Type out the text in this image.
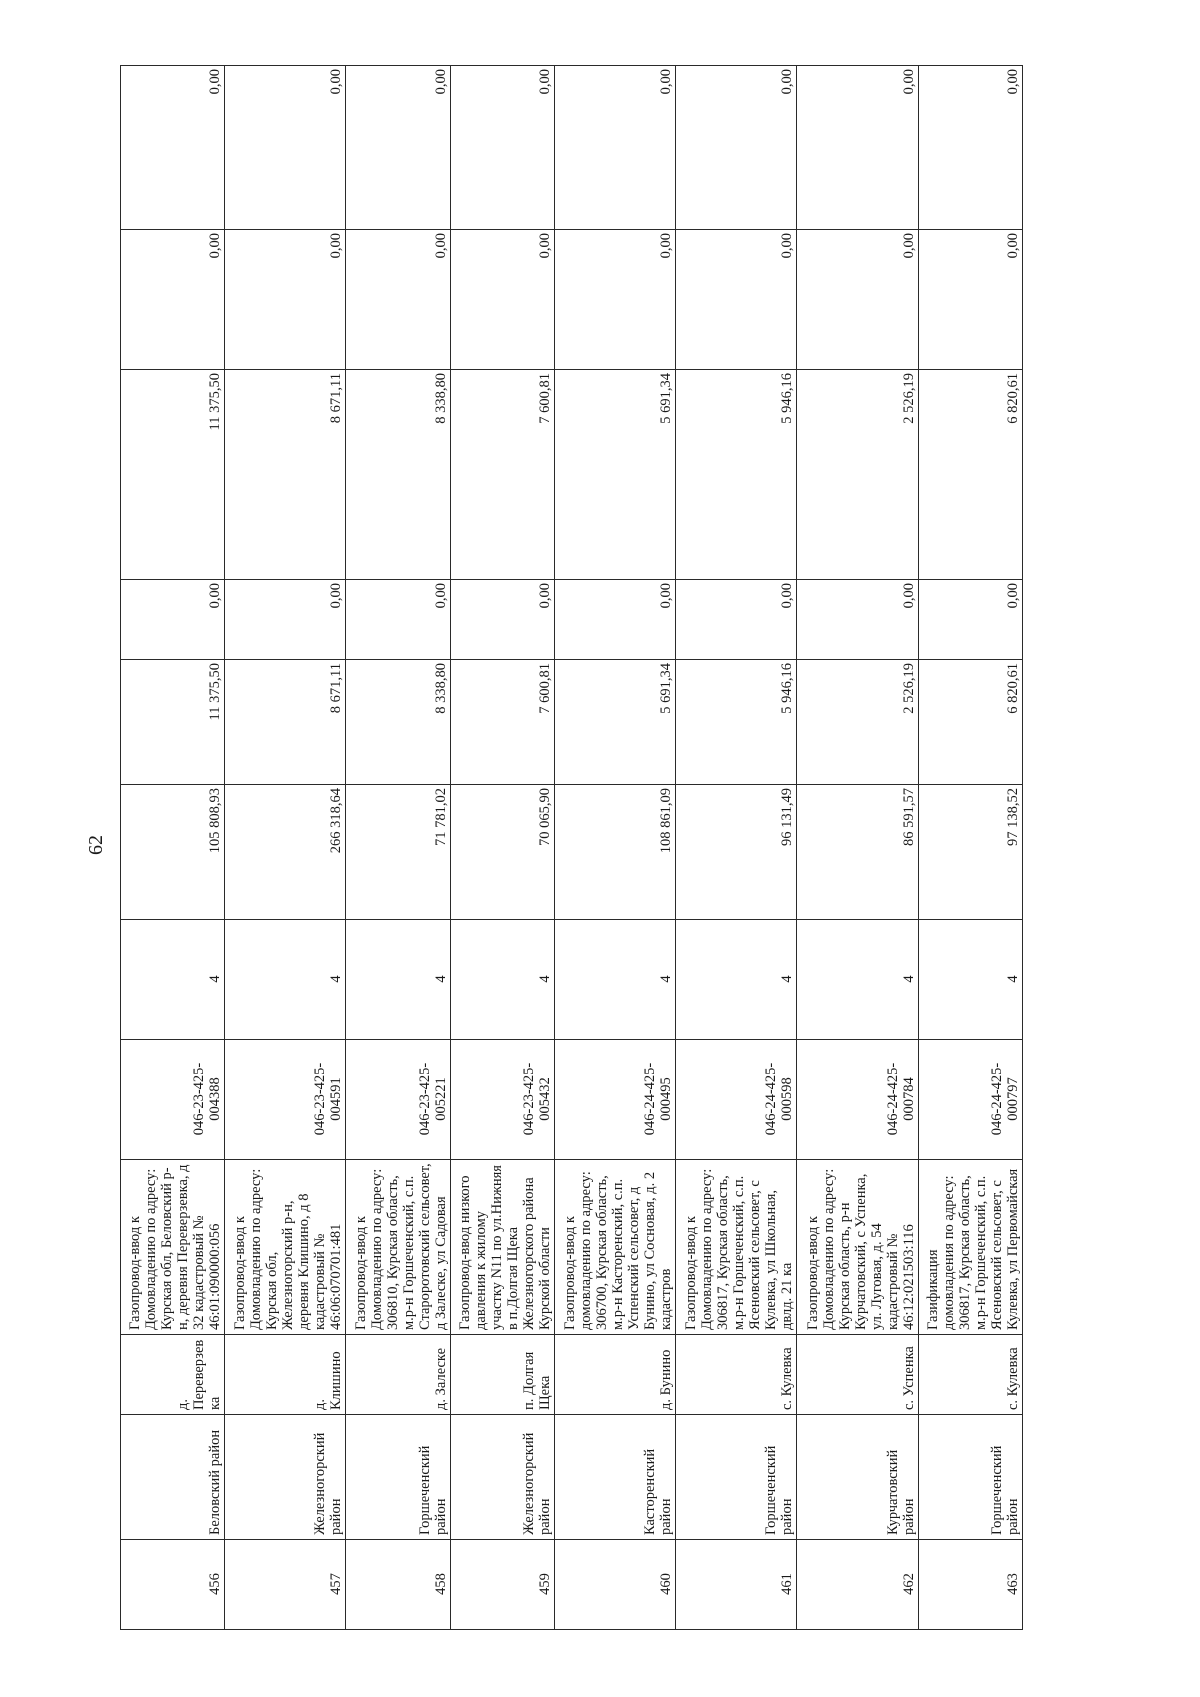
62
456	Беловский район	д. Переверзевка	Газопровод-ввод к Домовладению по адресу: Курская обл, Беловский р-н, деревня Переверзевка, д 32 кадастровый № 46:01:090000:056	046-23-425-004388	4	105 808,93	11 375,50	0,00	11 375,50	0,00	0,00
457	Железногорский район	д. Клишино	Газопровод-ввод к Домовладению по адресу: Курская обл, Железногорский р-н, деревня Клишино, д 8 кадастровый № 46:06:070701:481	046-23-425-004591	4	266 318,64	8 671,11	0,00	8 671,11	0,00	0,00
458	Горшеченский район	д. Залеске	Газопровод-ввод к Домовладению по адресу: 306810, Курская область, м.р-н Горшеченский, с.п. Староротовский сельсовет, д Залеске, ул Садовая	046-23-425-005221	4	71 781,02	8 338,80	0,00	8 338,80	0,00	0,00
459	Железногорский район	п. Долгая Щека	Газопровод-ввод низкого давления к жилому участку N11 по ул.Нижняя в п.Долгая Щека Железногорского района Курской области	046-23-425-005432	4	70 065,90	7 600,81	0,00	7 600,81	0,00	0,00
460	Касторенский район	д. Бунино	Газопровод-ввод к домовладению по адресу: 306700, Курская область, м.р-н Касторенский, с.п. Успенский сельсовет, д Бунино, ул Сосновая, д. 2 кадастров	046-24-425-000495	4	108 861,09	5 691,34	0,00	5 691,34	0,00	0,00
461	Горшеченский район	с. Кулевка	Газопровод-ввод к Домовладению по адресу: 306817, Курская область, м.р-н Горшеченский, с.п. Ясеновский сельсовет, с Кулевка, ул Школьная, двлд. 21 ка	046-24-425-000598	4	96 131,49	5 946,16	0,00	5 946,16	0,00	0,00
462	Курчатовский район	с. Успенка	Газопровод-ввод к Домовладению по адресу: Курская область, р-н Курчатовский, с Успенка, ул. Луговая, д. 54 кадастровый № 46:12:021503:116	046-24-425-000784	4	86 591,57	2 526,19	0,00	2 526,19	0,00	0,00
463	Горшеченский район	с. Кулевка	Газификация домовладения по адресу: 306817, Курская область, м.р-н Горшеченский, с.п. Ясеновский сельсовет, с Кулевка, ул Первомайская	046-24-425-000797	4	97 138,52	6 820,61	0,00	6 820,61	0,00	0,00
